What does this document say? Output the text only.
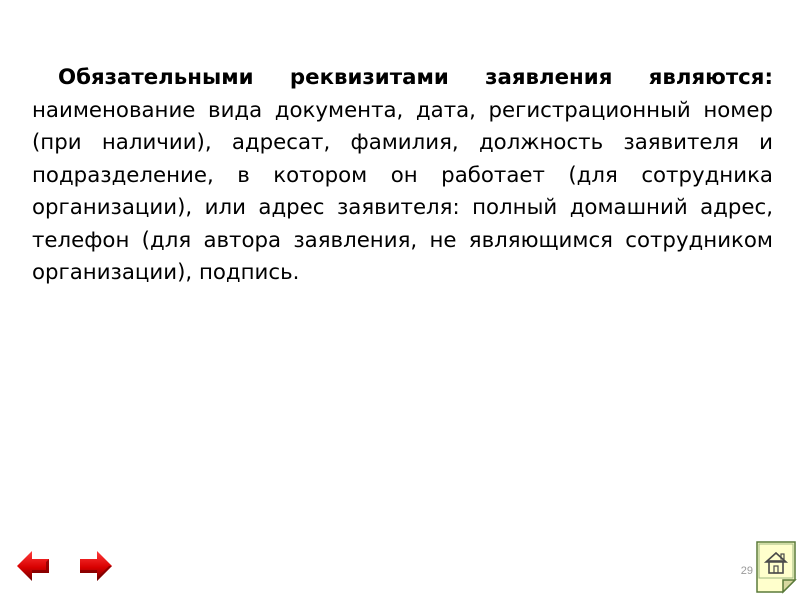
Обязательными реквизитами заявления являются: наименование вида документа, дата, регистрационный номер (при наличии), адресат, фамилия, должность заявителя и подразделение, в котором он работает (для сотрудника организации), или адрес заявителя: полный домашний адрес, телефон (для автора заявления, не являющимся сотрудником организации), подпись.

29
